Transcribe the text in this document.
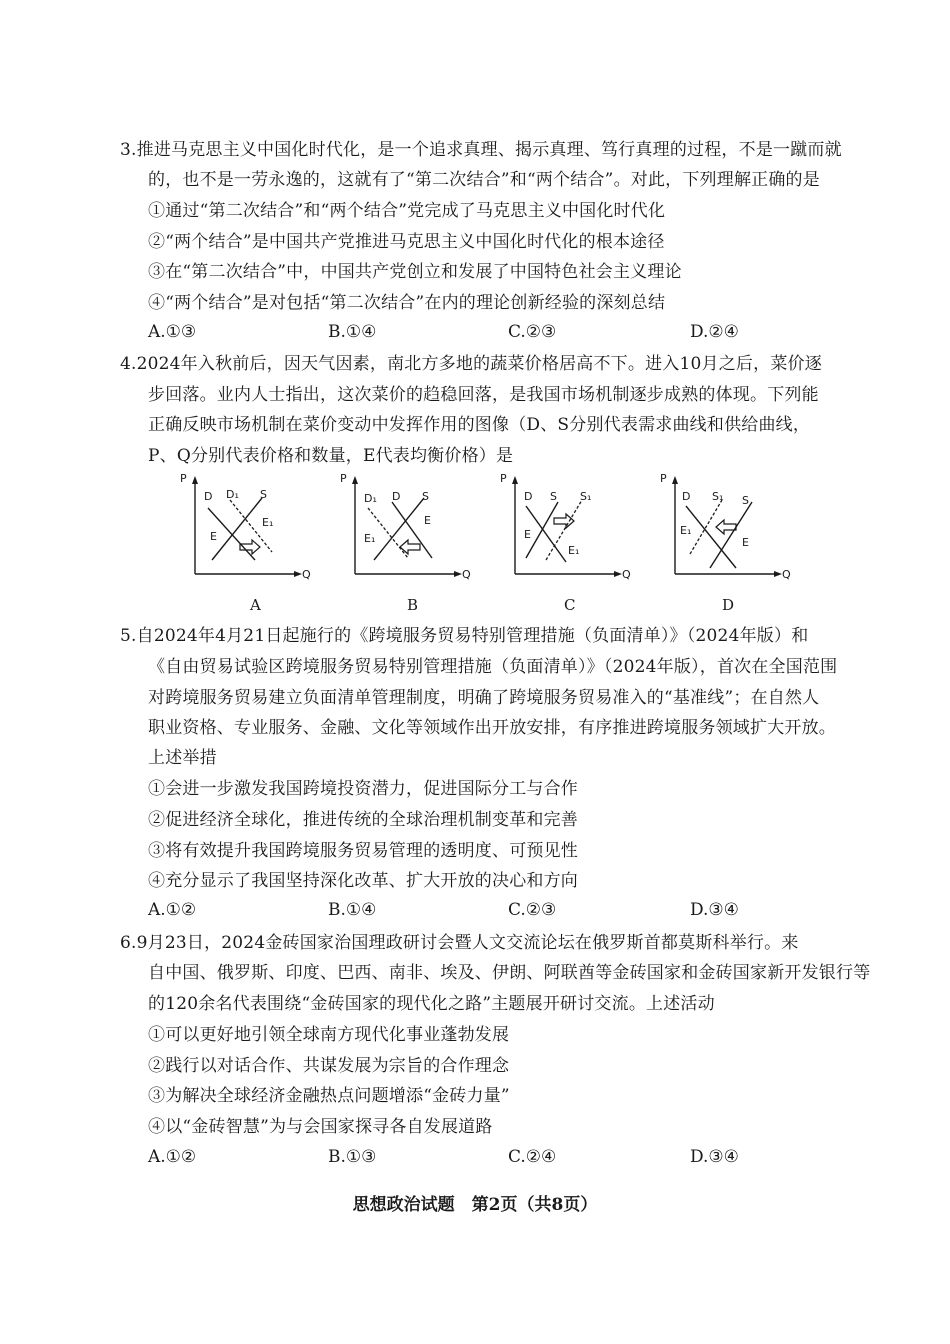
3.推进马克思主义中国化时代化，是一个追求真理、揭示真理、笃行真理的过程，不是一蹴而就
的，也不是一劳永逸的，这就有了“第二次结合”和“两个结合”。对此，下列理解正确的是
①通过“第二次结合”和“两个结合”党完成了马克思主义中国化时代化
②“两个结合”是中国共产党推进马克思主义中国化时代化的根本途径
③在“第二次结合”中，中国共产党创立和发展了中国特色社会主义理论
④“两个结合”是对包括“第二次结合”在内的理论创新经验的深刻总结
A.①③	B.①④	C.②③	D.②④
4.2024年入秋前后，因天气因素，南北方多地的蔬菜价格居高不下。进入10月之后，菜价逐
步回落。业内人士指出，这次菜价的趋稳回落，是我国市场机制逐步成熟的体现。下列能
正确反映市场机制在菜价变动中发挥作用的图像（D、S分别代表需求曲线和供给曲线，
P、Q分别代表价格和数量，E代表均衡价格）是
P
Q
D D₁ S
E₁
E
A
P
Q
D₁ D S
E
E₁
B
P
Q
D S S₁
E
E₁
C
P
Q
D S₁ S
E₁
E
D
5.自2024年4月21日起施行的《跨境服务贸易特别管理措施（负面清单）》（2024年版）和
《自由贸易试验区跨境服务贸易特别管理措施（负面清单）》（2024年版），首次在全国范围
对跨境服务贸易建立负面清单管理制度，明确了跨境服务贸易准入的“基准线”；在自然人
职业资格、专业服务、金融、文化等领域作出开放安排，有序推进跨境服务领域扩大开放。
上述举措
①会进一步激发我国跨境投资潜力，促进国际分工与合作
②促进经济全球化，推进传统的全球治理机制变革和完善
③将有效提升我国跨境服务贸易管理的透明度、可预见性
④充分显示了我国坚持深化改革、扩大开放的决心和方向
A.①②	B.①④	C.②③	D.③④
6.9月23日，2024金砖国家治国理政研讨会暨人文交流论坛在俄罗斯首都莫斯科举行。来
自中国、俄罗斯、印度、巴西、南非、埃及、伊朗、阿联酋等金砖国家和金砖国家新开发银行等
的120余名代表围绕“金砖国家的现代化之路”主题展开研讨交流。上述活动
①可以更好地引领全球南方现代化事业蓬勃发展
②践行以对话合作、共谋发展为宗旨的合作理念
③为解决全球经济金融热点问题增添“金砖力量”
④以“金砖智慧”为与会国家探寻各自发展道路
A.①②	B.①③	C.②④	D.③④
思想政治试题　第2页（共8页）
